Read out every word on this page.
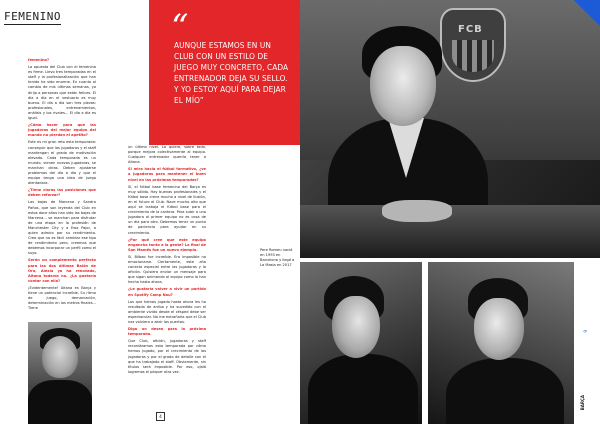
FEMENINO

femenino?

La apuesta del Club con el femenino es firme. Llevo tres temporadas en el staff y la profesionalización que han tenido ha sido enorme. En cuanto al cambio de mis últimas semanas, yo dirijo a personas que están felices. El día a día en el vestuario es muy bueno. El día a día son tres piezas: profesionales, entrenamientos, análisis y los rivales... El día a día es igual.

¿Cómo hacer para que las jugadoras del mejor equipo del mundo no pierdan el apetito?

Este es mi gran reto esta temporada: conseguir que las jugadoras y el staff mantengan el grado de motivación elevado. Cada temporada es un mundo, vienen nuevas jugadoras, se marchan otras. Deben ajustarse problemas del día a día y que el equipo tenga una idea de juego alentadora.

¿Tiene claras las posiciones que deben reforzar?

Las bajas de Marcena y Sandra Paños, que son leyenda del Club en estos doce años han sido las bajas de Marcena... se marchan para disfrutar de una etapa en la profesión de Manchester City y a Ewa Pajor, a quien admiro por su rendimiento. Creo que no es fácil cambiar ese tipo de rendimiento pero, creemos que debemos incorporar un perfil como el suyo.

Serán un complemento perfecto para las dos últimas Balón de Oro, Alexia ya ha renovado, Aitana todavía no. ¿La gustaría contar con ella?

¡Evidentemente! Aitana es Barça y tiene un potencial increíble. Su ritmo de juego, demarcación, determinación en los metros finales... Tiene

un último nivel. La quiero, sobre todo, porque mejora colectivamente al equipo. Cualquier entrenador querría tener a Aitana.

Si mira hacia el fútbol formativo, ¿ve a jugadoras para mantener el buen nivel en las próximas temporadas?

Sí, el fútbol base femenino del Barça es muy sólido. Hay buenas profesionales y el fútbol base crece mucho a nivel de ilusión, en el futuro el Club. Nace mucho alto que aquí se trabaja el fútbol base para el crecimiento de la cantera. Para subir a una jugadora al primer equipo no es cosa de un día para otro. Debemos tener un punto de paciencia para ayudar en su crecimiento.

¿Por qué cree que este equipo engancha tanto a la gente? La final de San Mamés fue un nuevo ejemplo.

Sí, Bilbao fue increíble. Era imposible no emocionarse. Ciertamente, este año conecta especial entre las jugadoras y la afición. Quisiera enviar un mensaje para que sigan animando al equipo como lo han hecho hasta ahora.

¿Le gustaría volver a vivir un partido en Spotify Camp Nou?

Los que hemos jugado hasta ahora les ha resultado de arriba y ha sucedido con el ambiente vivido desde el césped debe ser espectacular. No me extrañaría que el Club nos volviera a abrir las puertas.

Diga un deseo para la próxima temporada.

Que Club, afición, jugadoras y staff recordáramos esta temporada por cómo hemos jugado, por el crecimiento de las jugadoras y por el grado de detalle con el que ha trabajado el staff. Obviamente, sin títulos será imposible. Por eso, ojalá logremos el póquer otra vez.

“
AUNQUE ESTAMOS EN UN CLUB CON UN ESTILO DE JUEGO MUY CONCRETO, CADA ENTRENADOR DEJA SU SELLO. Y YO ESTOY AQUÍ PARA DEJAR EL MÍO”
Pere Romeu nació en 1993 en Barcelona y llegó a La Masia en 2017
4
FCB
9
BARÇA
